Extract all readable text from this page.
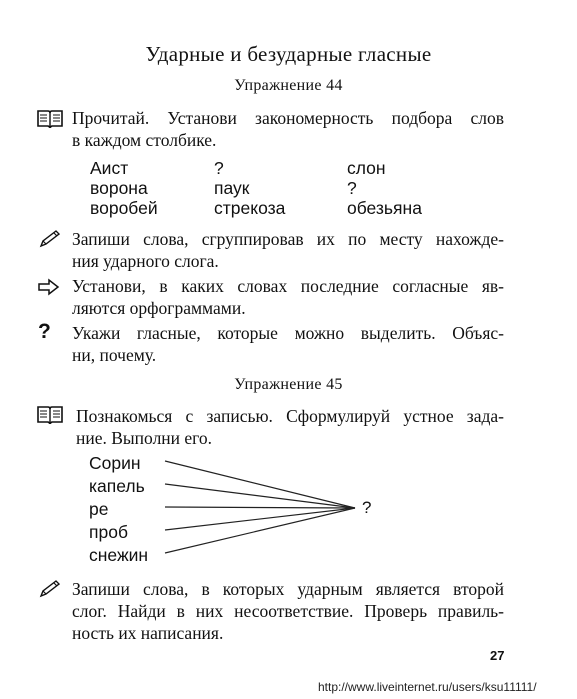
Ударные и безударные гласные
Упражнение 44
Прочитай. Установи закономерность подбора слов
в каждом столбике.
Аист
ворона
воробей
?
паук
стрекоза
слон
?
обезьяна
Запиши слова, сгруппировав их по месту нахожде-
ния ударного слога.
Установи, в каких словах последние согласные яв-
ляются орфограммами.
? Укажи гласные, которые можно выделить. Объяс-
ни, почему.
Упражнение 45
Познакомься с записью. Сформулируй устное зада-
ние. Выполни его.
Сорин
капель
ре
проб
снежин
?
Запиши слова, в которых ударным является второй
слог. Найди в них несоответствие. Проверь правиль-
ность их написания.
27
http://www.liveinternet.ru/users/ksu11111/
